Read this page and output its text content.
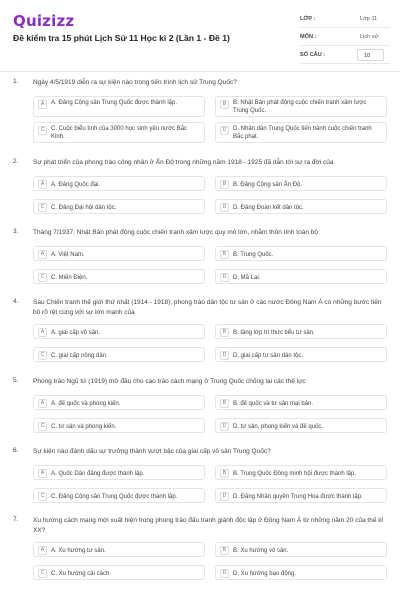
Quizizz
Đề kiểm tra 15 phút Lịch Sử 11 Học kì 2 (Lần 1 - Đề 1)
LỚP :	Lớp 11
MÔN :	Lịch sử
SỐ CÂU :	10
1. Ngày 4/5/1919 diễn ra sự kiện nào trong tiến trình lịch sử Trung Quốc?
A	A. Đảng Cộng sản Trung Quốc được thành lập.	B	B. Nhật Bản phát động cuộc chiến tranh xâm lược Trung Quốc.
C	C. Cuộc biểu tình của 3000 học sinh yêu nước Bắc Kinh.
D	D. Nhân dân Trung Quốc tiến hành cuộc chiến tranh Bắc phạt.
2. Sự phát triển của phong trào công nhân ở Ấn Độ trong những năm 1918 - 1925 đã dẫn tới sự ra đời của
A	A. Đảng Quốc đại.	B	B. Đảng Cộng sản Ấn Độ.
C	C. Đảng Đại hội dân tộc.	D	D. Đảng Đoàn kết dân tộc.
3. Tháng 7/1937, Nhật Bản phát động cuộc chiến tranh xâm lược quy mô lớn, nhằm thôn tính toàn bộ
A	A. Việt Nam.	B	B. Trung Quốc.
C	C. Miến Điện.	D	D. Mã Lai.
4. Sau Chiến tranh thế giới thứ nhất (1914 - 1918), phong trào dân tộc tư sản ở các nước Đông Nam Á có những bước tiến bộ rõ rệt cùng với sự lớn mạnh của
A	A. giai cấp vô sản.	B	B. tầng lớp trí thức tiểu tư sản.
C	C. giai cấp nông dân.	D	D. giai cấp tư sản dân tộc.
5. Phong trào Ngũ tứ (1919) mở đầu cho cao trào cách mạng ở Trung Quốc chống lại các thế lực
A	A. đế quốc và phong kiến.	B	B. đế quốc và tư sản mại bản.
C	C. tư sản và phong kiến.	D	D. tư sản, phong kiến và đế quốc.
6. Sự kiện nào đánh dấu sự trưởng thành vượt bậc của giai cấp vô sản Trung Quốc?
A	A. Quốc Dân đảng được thành lập.	B	B. Trung Quốc Đồng minh hội được thành lập.
C	C. Đảng Cộng sản Trung Quốc được thành lập.	D	D. Đảng Nhân quyền Trung Hoa được thành lập.
7. Xu hướng cách mạng mới xuất hiện trong phong trào đấu tranh giành độc lập ở Đông Nam Á từ những năm 20 của thế kỉ XX?
A	A. Xu hướng tư sản.	B	B. Xu hướng vô sản.
C	C. Xu hướng cải cách.	D	D. Xu hướng bạo động.
